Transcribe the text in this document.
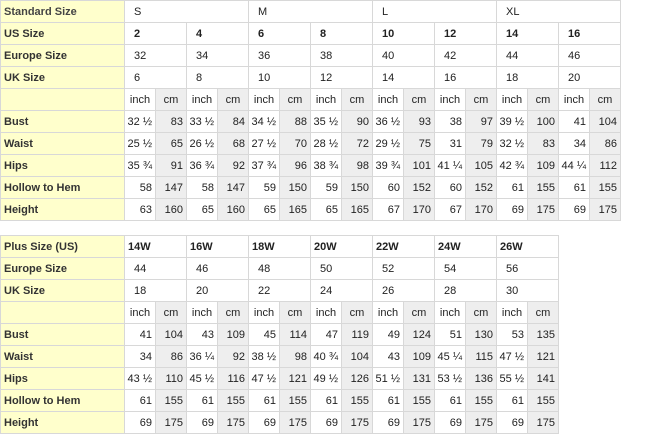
Standard Size	S				M				L				XL			
US Size	2		4		6		8		10		12		14		16	
Europe Size	32		34		36		38		40		42		44		46	
UK Size	6		8		10		12		14		16		18		20	
	inch	cm	inch	cm	inch	cm	inch	cm	inch	cm	inch	cm	inch	cm	inch	cm
Bust	32 ½	83	33 ½	84	34 ½	88	35 ½	90	36 ½	93	38	97	39 ½	100	41	104
Waist	25 ½	65	26 ½	68	27 ½	70	28 ½	72	29 ½	75	31	79	32 ½	83	34	86
Hips	35 ¾	91	36 ¾	92	37 ¾	96	38 ¾	98	39 ¾	101	41 ¼	105	42 ¾	109	44 ¼	112
Hollow to Hem	58	147	58	147	59	150	59	150	60	152	60	152	61	155	61	155
Height	63	160	65	160	65	165	65	165	67	170	67	170	69	175	69	175
Plus Size (US)	14W		16W		18W		20W		22W		24W		26W	
Europe Size	44		46		48		50		52		54		56	
UK Size	18		20		22		24		26		28		30	
	inch	cm	inch	cm	inch	cm	inch	cm	inch	cm	inch	cm	inch	cm
Bust	41	104	43	109	45	114	47	119	49	124	51	130	53	135
Waist	34	86	36 ¼	92	38 ½	98	40 ¾	104	43	109	45 ¼	115	47 ½	121
Hips	43 ½	110	45 ½	116	47 ½	121	49 ½	126	51 ½	131	53 ½	136	55 ½	141
Hollow to Hem	61	155	61	155	61	155	61	155	61	155	61	155	61	155
Height	69	175	69	175	69	175	69	175	69	175	69	175	69	175
